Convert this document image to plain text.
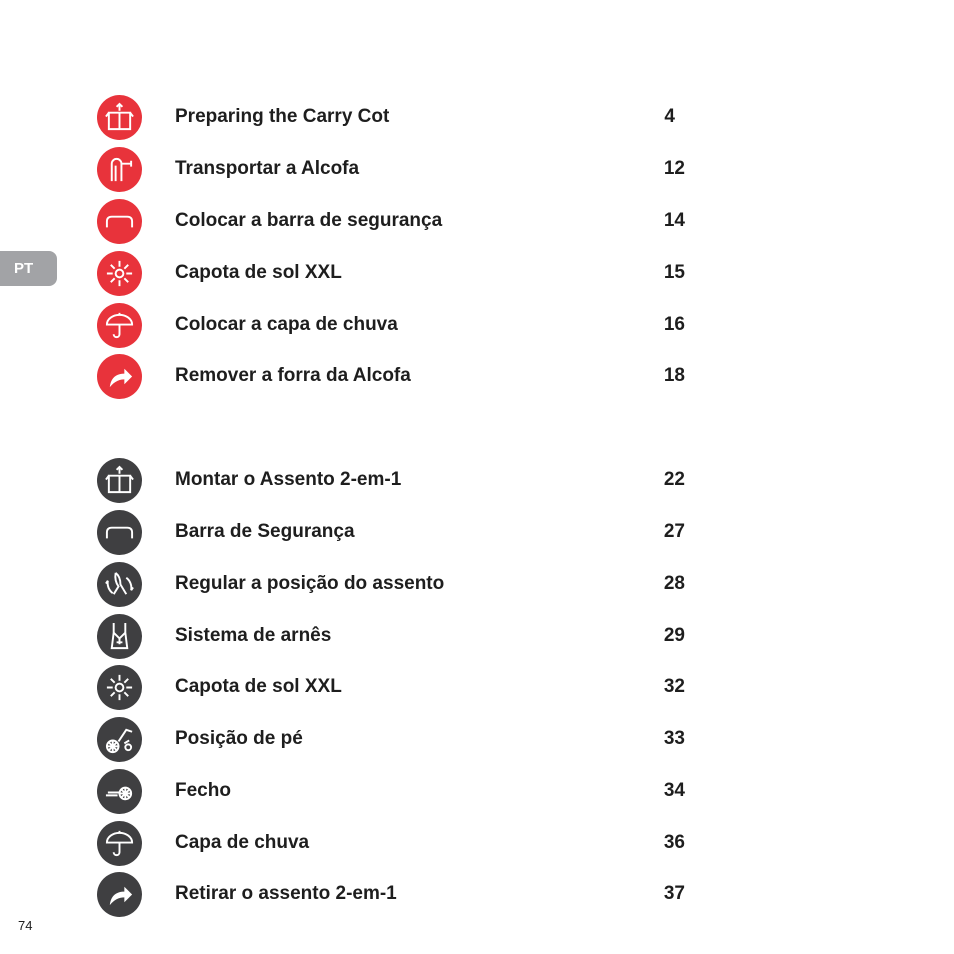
PT
74
Preparing the Carry Cot	4
Transportar a Alcofa	12
Colocar a barra de segurança	14
Capota de sol XXL	15
Colocar a capa de chuva	16
Remover a forra da Alcofa	18
Montar o Assento 2-em-1	22
Barra de Segurança	27
Regular a posição do assento	28
Sistema de arnês	29
Capota de sol XXL	32
Posição de pé	33
Fecho	34
Capa de chuva	36
Retirar o assento 2-em-1	37
